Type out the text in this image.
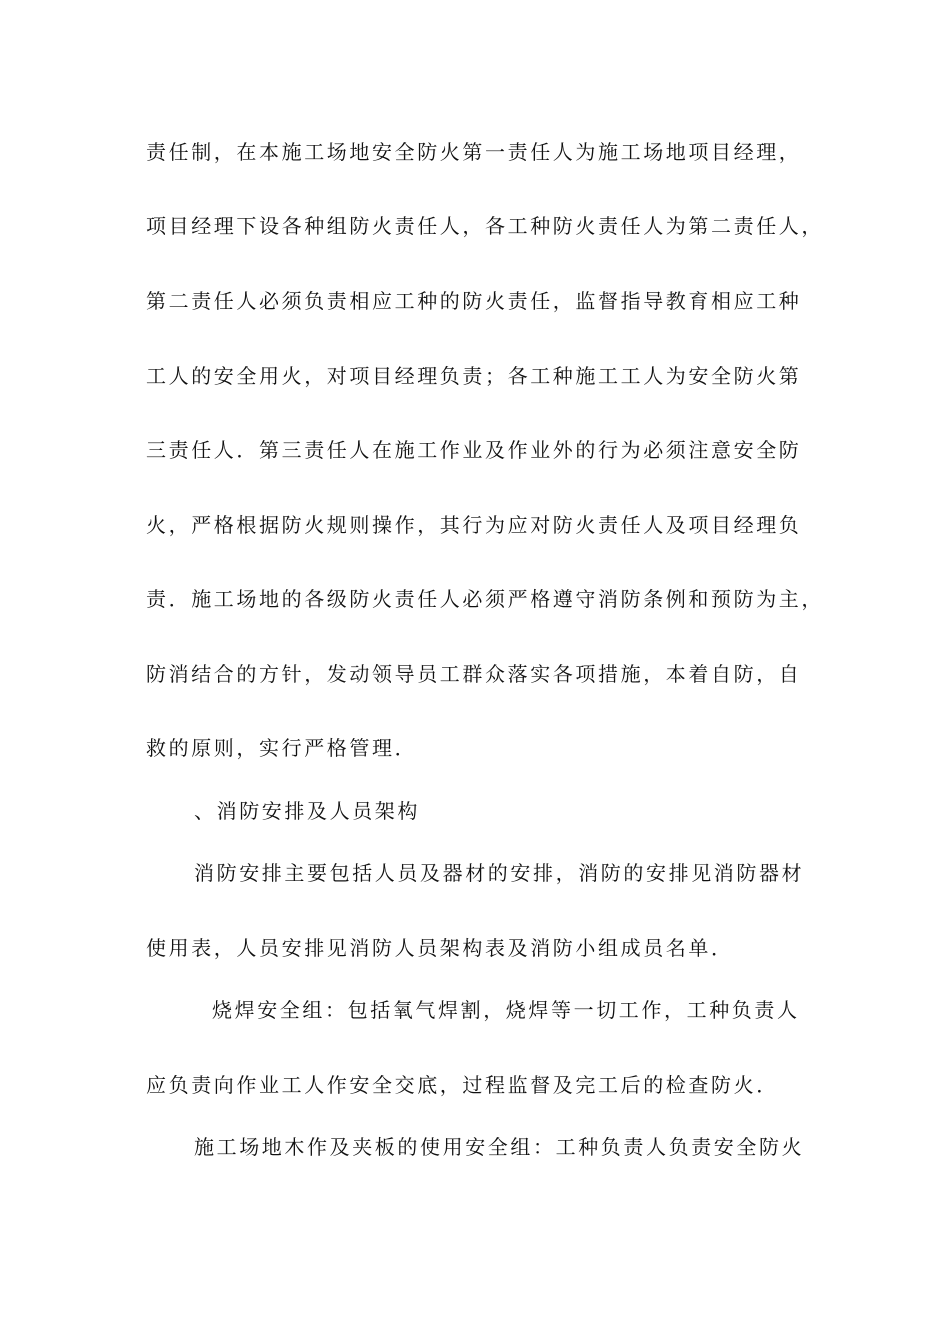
责任制，在本施工场地安全防火第一责任人为施工场地项目经理，
项目经理下设各种组防火责任人，各工种防火责任人为第二责任人，
第二责任人必须负责相应工种的防火责任，监督指导教育相应工种
工人的安全用火，对项目经理负责；各工种施工工人为安全防火第
三责任人．第三责任人在施工作业及作业外的行为必须注意安全防
火，严格根据防火规则操作，其行为应对防火责任人及项目经理负
责．施工场地的各级防火责任人必须严格遵守消防条例和预防为主，
防消结合的方针，发动领导员工群众落实各项措施，本着自防，自
救的原则，实行严格管理．
、消防安排及人员架构
消防安排主要包括人员及器材的安排，消防的安排见消防器材
使用表，人员安排见消防人员架构表及消防小组成员名单．
烧焊安全组：包括氧气焊割，烧焊等一切工作，工种负责人
应负责向作业工人作安全交底，过程监督及完工后的检查防火．
施工场地木作及夹板的使用安全组：工种负责人负责安全防火
